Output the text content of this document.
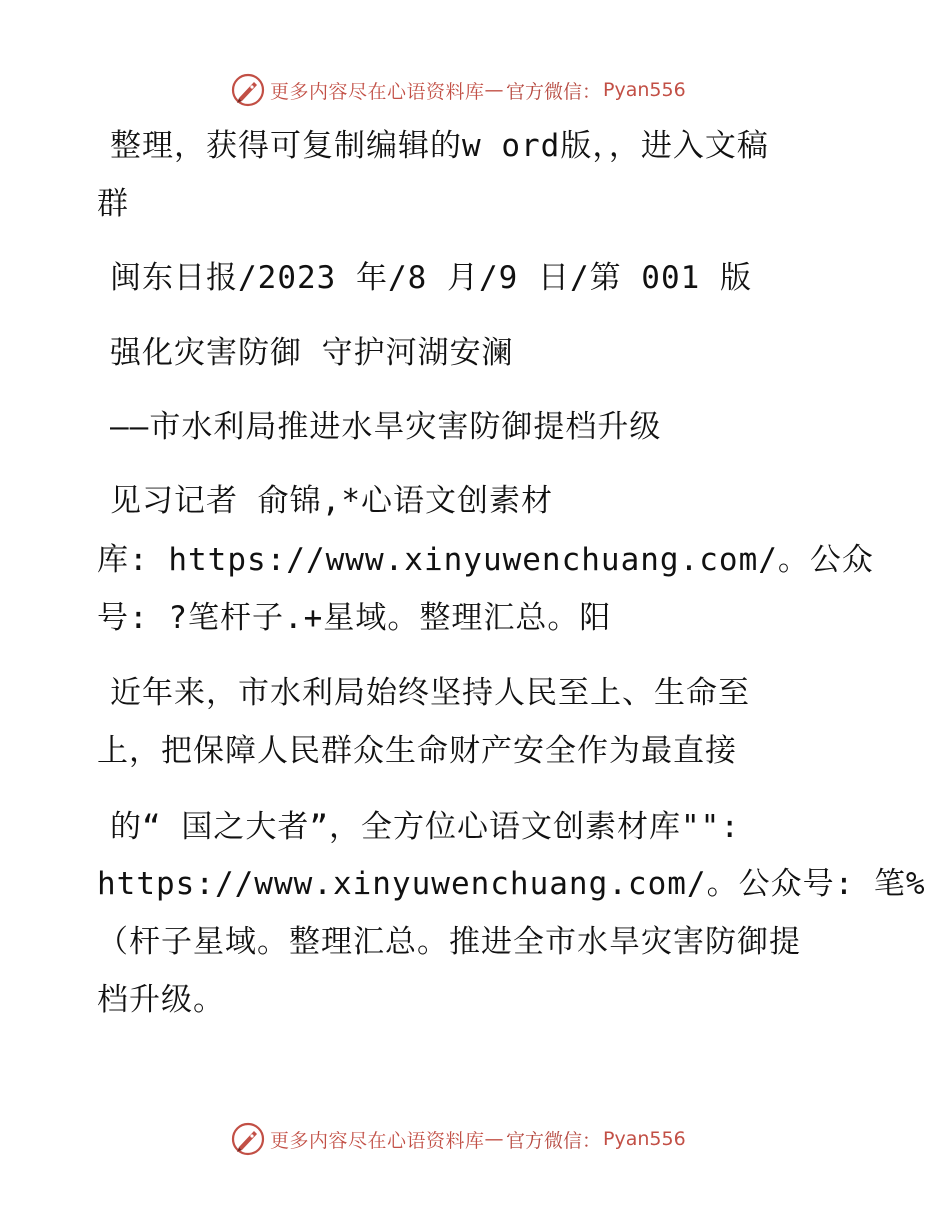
更多内容尽在心语资料库 — 官方微信： Pyan556
整理，获得可复制编辑的w ord版，，进入文稿
群
闽东日报/2023 年/8 月/9 日/第 001 版
强化灾害防御 守护河湖安澜
——市水利局推进水旱灾害防御提档升级
见习记者 俞锦,*心语文创素材
库: https://www.xinyuwenchuang.com/。公众
号: ?笔杆子.+星域。整理汇总。阳
近年来，市水利局始终坚持人民至上、生命至
上，把保障人民群众生命财产安全作为最直接
的“ 国之大者”，全方位心语文创素材库"":
https://www.xinyuwenchuang.com/。公众号: 笔%
（杆子星域。整理汇总。推进全市水旱灾害防御提
档升级。
更多内容尽在心语资料库 — 官方微信： Pyan556
